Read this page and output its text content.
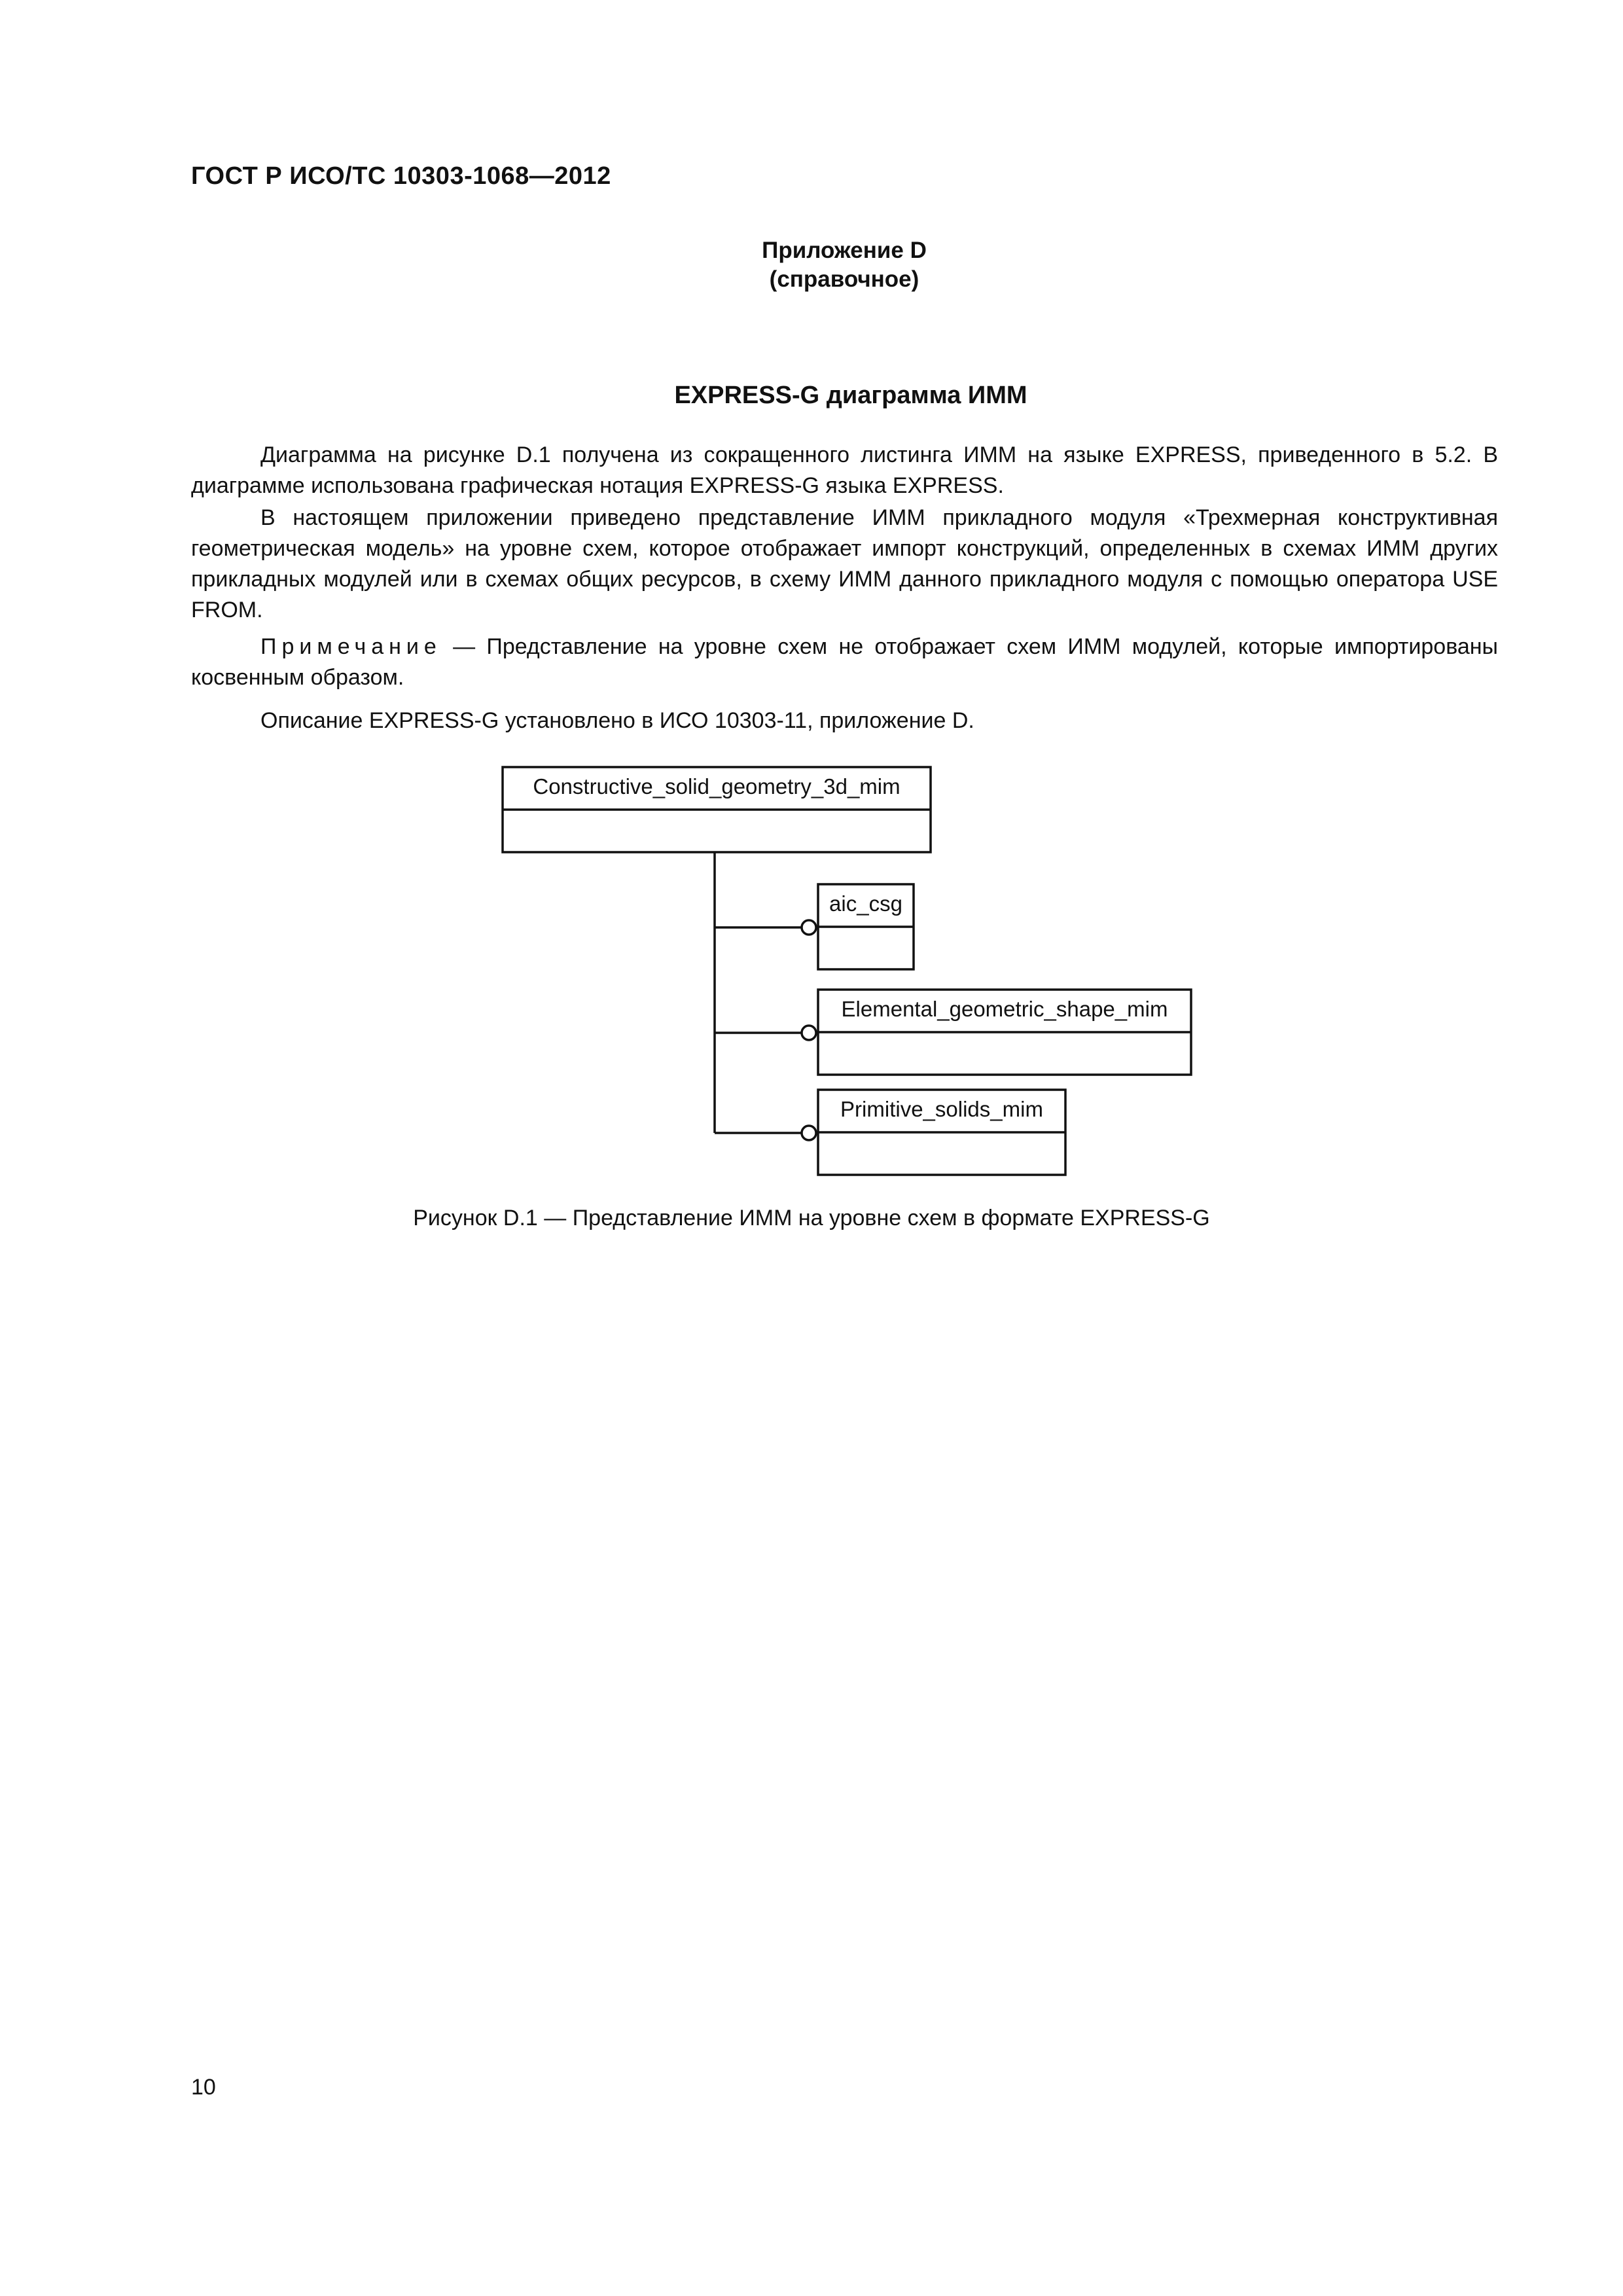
ГОСТ Р ИСО/ТС 10303-1068—2012
Приложение D
(справочное)
EXPRESS-G диаграмма ИММ
Диаграмма на рисунке D.1 получена из сокращенного листинга ИММ на языке EXPRESS, приведенного в 5.2. В диаграмме использована графическая нотация EXPRESS-G языка EXPRESS.
В настоящем приложении приведено представление ИММ прикладного модуля «Трехмерная конструктивная геометрическая модель» на уровне схем, которое отображает импорт конструкций, определенных в схемах ИММ других прикладных модулей или в схемах общих ресурсов, в схему ИММ данного прикладного модуля с помощью оператора USE FROM.
Примечание — Представление на уровне схем не отображает схем ИММ модулей, которые импортированы косвенным образом.
Описание EXPRESS-G установлено в ИСО 10303-11, приложение D.
Constructive_solid_geometry_3d_mim
aic_csg
Elemental_geometric_shape_mim
Primitive_solids_mim
Рисунок D.1 — Представление ИММ на уровне схем в формате EXPRESS-G
10
